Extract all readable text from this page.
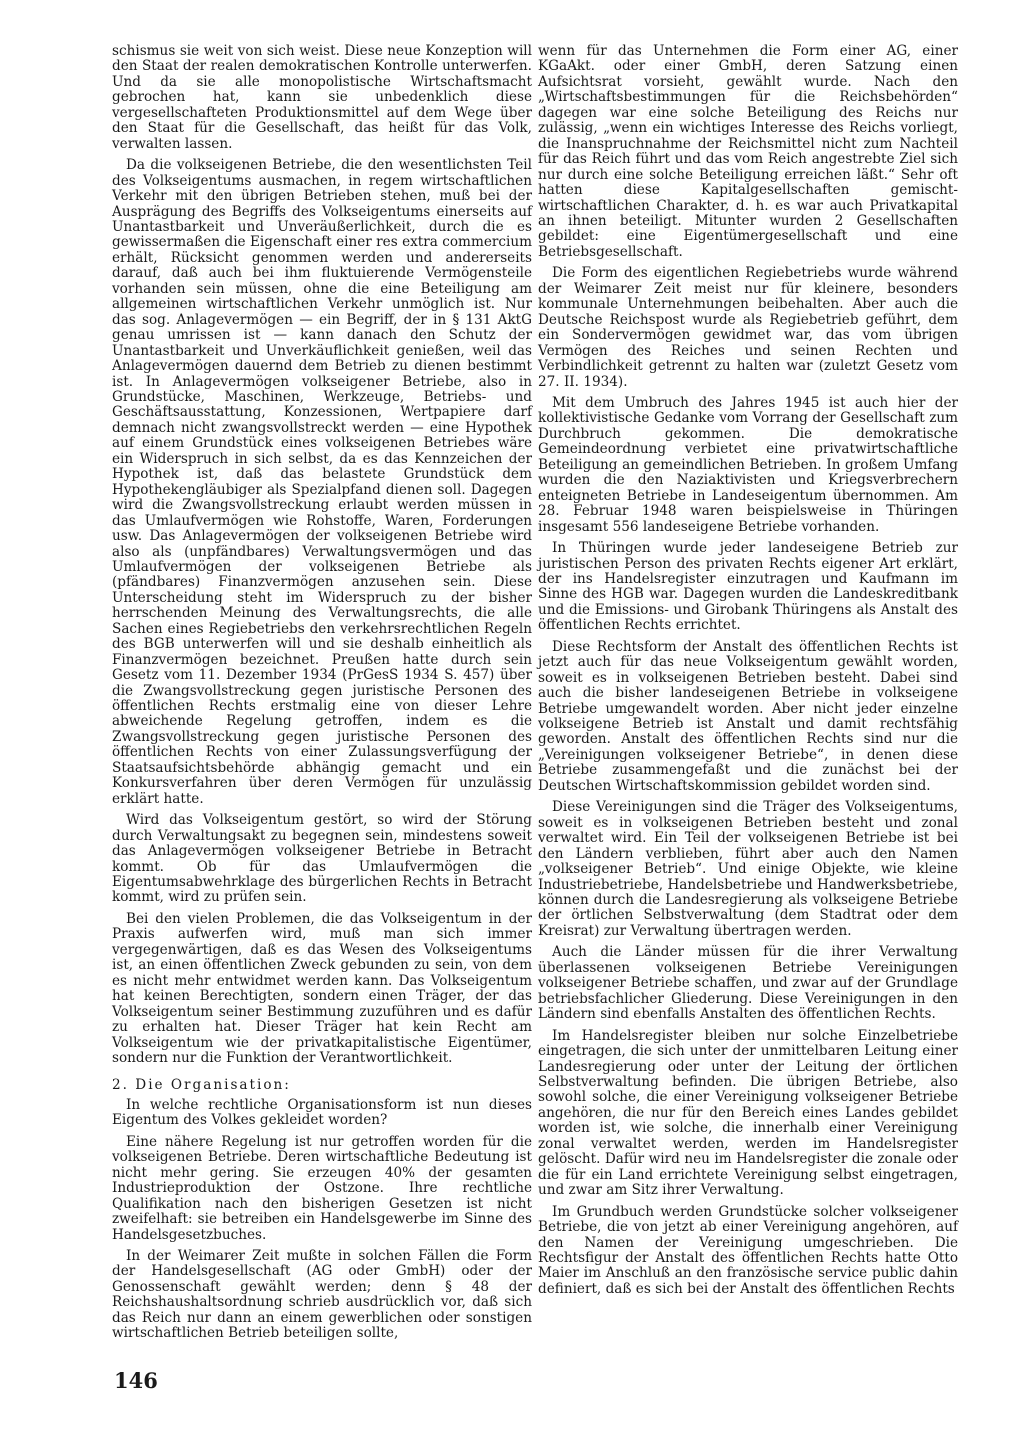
schismus sie weit von sich weist. Diese neue Konzeption will den Staat der realen demokratischen Kontrolle unterwerfen. Und da sie alle monopolistische Wirtschaftsmacht gebrochen hat, kann sie unbedenklich diese vergesellschafteten Produktionsmittel auf dem Wege über den Staat für die Gesellschaft, das heißt für das Volk, verwalten lassen.

Da die volkseigenen Betriebe, die den wesentlichsten Teil des Volkseigentums ausmachen, in regem wirtschaftlichen Verkehr mit den übrigen Betrieben stehen, muß bei der Ausprägung des Begriffs des Volkseigentums einerseits auf Unantastbarkeit und Unveräußerlichkeit, durch die es gewissermaßen die Eigenschaft einer res extra commercium erhält, Rücksicht genommen werden und andererseits darauf, daß auch bei ihm fluktuierende Vermögensteile vorhanden sein müssen, ohne die eine Beteiligung am allgemeinen wirtschaftlichen Verkehr unmöglich ist. Nur das sog. Anlagevermögen — ein Begriff, der in § 131 AktG genau umrissen ist — kann danach den Schutz der Unantastbarkeit und Unverkäuflichkeit genießen, weil das Anlagevermögen dauernd dem Betrieb zu dienen bestimmt ist. In Anlagevermögen volkseigener Betriebe, also in Grundstücke, Maschinen, Werkzeuge, Betriebs- und Geschäftsausstattung, Konzessionen, Wertpapiere darf demnach nicht zwangsvollstreckt werden — eine Hypothek auf einem Grundstück eines volkseigenen Betriebes wäre ein Widerspruch in sich selbst, da es das Kennzeichen der Hypothek ist, daß das belastete Grundstück dem Hypothekengläubiger als Spezialpfand dienen soll. Dagegen wird die Zwangsvollstreckung erlaubt werden müssen in das Umlaufvermögen wie Rohstoffe, Waren, Forderungen usw. Das Anlagevermögen der volkseigenen Betriebe wird also als (unpfändbares) Verwaltungsvermögen und das Umlaufvermögen der volkseigenen Betriebe als (pfändbares) Finanzvermögen anzusehen sein. Diese Unterscheidung steht im Widerspruch zu der bisher herrschenden Meinung des Verwaltungsrechts, die alle Sachen eines Regiebetriebs den verkehrsrechtlichen Regeln des BGB unterwerfen will und sie deshalb einheitlich als Finanzvermögen bezeichnet. Preußen hatte durch sein Gesetz vom 11. Dezember 1934 (PrGesS 1934 S. 457) über die Zwangsvollstreckung gegen juristische Personen des öffentlichen Rechts erstmalig eine von dieser Lehre abweichende Regelung getroffen, indem es die Zwangsvollstreckung gegen juristische Personen des öffentlichen Rechts von einer Zulassungsverfügung der Staatsaufsichtsbehörde abhängig gemacht und ein Konkursverfahren über deren Vermögen für unzulässig erklärt hatte.

Wird das Volkseigentum gestört, so wird der Störung durch Verwaltungsakt zu begegnen sein, mindestens soweit das Anlagevermögen volkseigener Betriebe in Betracht kommt. Ob für das Umlaufvermögen die Eigentumsabwehrklage des bürgerlichen Rechts in Betracht kommt, wird zu prüfen sein.

Bei den vielen Problemen, die das Volkseigentum in der Praxis aufwerfen wird, muß man sich immer vergegenwärtigen, daß es das Wesen des Volkseigentums ist, an einen öffentlichen Zweck gebunden zu sein, von dem es nicht mehr entwidmet werden kann. Das Volkseigentum hat keinen Berechtigten, sondern einen Träger, der das Volkseigentum seiner Bestimmung zuzuführen und es dafür zu erhalten hat. Dieser Träger hat kein Recht am Volkseigentum wie der privatkapitalistische Eigentümer, sondern nur die Funktion der Verantwortlichkeit.

2. Die Organisation:

In welche rechtliche Organisationsform ist nun dieses Eigentum des Volkes gekleidet worden?

Eine nähere Regelung ist nur getroffen worden für die volkseigenen Betriebe. Deren wirtschaftliche Bedeutung ist nicht mehr gering. Sie erzeugen 40% der gesamten Industrieproduktion der Ostzone. Ihre rechtliche Qualifikation nach den bisherigen Gesetzen ist nicht zweifelhaft: sie betreiben ein Handelsgewerbe im Sinne des Handelsgesetzbuches.

In der Weimarer Zeit mußte in solchen Fällen die Form der Handelsgesellschaft (AG oder GmbH) oder der Genossenschaft gewählt werden; denn § 48 der Reichshaushaltsordnung schrieb ausdrücklich vor, daß sich das Reich nur dann an einem gewerblichen oder sonstigen wirtschaftlichen Betrieb beteiligen sollte,

wenn für das Unternehmen die Form einer AG, einer KGaAkt. oder einer GmbH, deren Satzung einen Aufsichtsrat vorsieht, gewählt wurde. Nach den „Wirtschaftsbestimmungen für die Reichsbehörden“ dagegen war eine solche Beteiligung des Reichs nur zulässig, „wenn ein wichtiges Interesse des Reichs vorliegt, die Inanspruchnahme der Reichsmittel nicht zum Nachteil für das Reich führt und das vom Reich angestrebte Ziel sich nur durch eine solche Beteiligung erreichen läßt.“ Sehr oft hatten diese Kapitalgesellschaften gemischt-wirtschaftlichen Charakter, d. h. es war auch Privatkapital an ihnen beteiligt. Mitunter wurden 2 Gesellschaften gebildet: eine Eigentümergesellschaft und eine Betriebsgesellschaft.

Die Form des eigentlichen Regiebetriebs wurde während der Weimarer Zeit meist nur für kleinere, besonders kommunale Unternehmungen beibehalten. Aber auch die Deutsche Reichspost wurde als Regiebetrieb geführt, dem ein Sondervermögen gewidmet war, das vom übrigen Vermögen des Reiches und seinen Rechten und Verbindlichkeit getrennt zu halten war (zuletzt Gesetz vom 27. II. 1934).

Mit dem Umbruch des Jahres 1945 ist auch hier der kollektivistische Gedanke vom Vorrang der Gesellschaft zum Durchbruch gekommen. Die demokratische Gemeindeordnung verbietet eine privatwirtschaftliche Beteiligung an gemeindlichen Betrieben. In großem Umfang wurden die den Naziaktivisten und Kriegsverbrechern enteigneten Betriebe in Landeseigentum übernommen. Am 28. Februar 1948 waren beispielsweise in Thüringen insgesamt 556 landeseigene Betriebe vorhanden.

In Thüringen wurde jeder landeseigene Betrieb zur juristischen Person des privaten Rechts eigener Art erklärt, der ins Handelsregister einzutragen und Kaufmann im Sinne des HGB war. Dagegen wurden die Landeskreditbank und die Emissions- und Girobank Thüringens als Anstalt des öffentlichen Rechts errichtet.

Diese Rechtsform der Anstalt des öffentlichen Rechts ist jetzt auch für das neue Volkseigentum gewählt worden, soweit es in volkseigenen Betrieben besteht. Dabei sind auch die bisher landeseigenen Betriebe in volkseigene Betriebe umgewandelt worden. Aber nicht jeder einzelne volkseigene Betrieb ist Anstalt und damit rechtsfähig geworden. Anstalt des öffentlichen Rechts sind nur die „Vereinigungen volkseigener Betriebe“, in denen diese Betriebe zusammengefaßt und die zunächst bei der Deutschen Wirtschaftskommission gebildet worden sind.

Diese Vereinigungen sind die Träger des Volkseigentums, soweit es in volkseigenen Betrieben besteht und zonal verwaltet wird. Ein Teil der volkseigenen Betriebe ist bei den Ländern verblieben, führt aber auch den Namen „volkseigener Betrieb“. Und einige Objekte, wie kleine Industriebetriebe, Handelsbetriebe und Handwerksbetriebe, können durch die Landesregierung als volkseigene Betriebe der örtlichen Selbstverwaltung (dem Stadtrat oder dem Kreisrat) zur Verwaltung übertragen werden.

Auch die Länder müssen für die ihrer Verwaltung überlassenen volkseigenen Betriebe Vereinigungen volkseigener Betriebe schaffen, und zwar auf der Grundlage betriebsfachlicher Gliederung. Diese Vereinigungen in den Ländern sind ebenfalls Anstalten des öffentlichen Rechts.

Im Handelsregister bleiben nur solche Einzelbetriebe eingetragen, die sich unter der unmittelbaren Leitung einer Landesregierung oder unter der Leitung der örtlichen Selbstverwaltung befinden. Die übrigen Betriebe, also sowohl solche, die einer Vereinigung volkseigener Betriebe angehören, die nur für den Bereich eines Landes gebildet worden ist, wie solche, die innerhalb einer Vereinigung zonal verwaltet werden, werden im Handelsregister gelöscht. Dafür wird neu im Handelsregister die zonale oder die für ein Land errichtete Vereinigung selbst eingetragen, und zwar am Sitz ihrer Verwaltung.

Im Grundbuch werden Grundstücke solcher volkseigener Betriebe, die von jetzt ab einer Vereinigung angehören, auf den Namen der Vereinigung umgeschrieben. Die Rechtsfigur der Anstalt des öffentlichen Rechts hatte Otto Maier im Anschluß an den französische service public dahin definiert, daß es sich bei der Anstalt des öffentlichen Rechts

146
